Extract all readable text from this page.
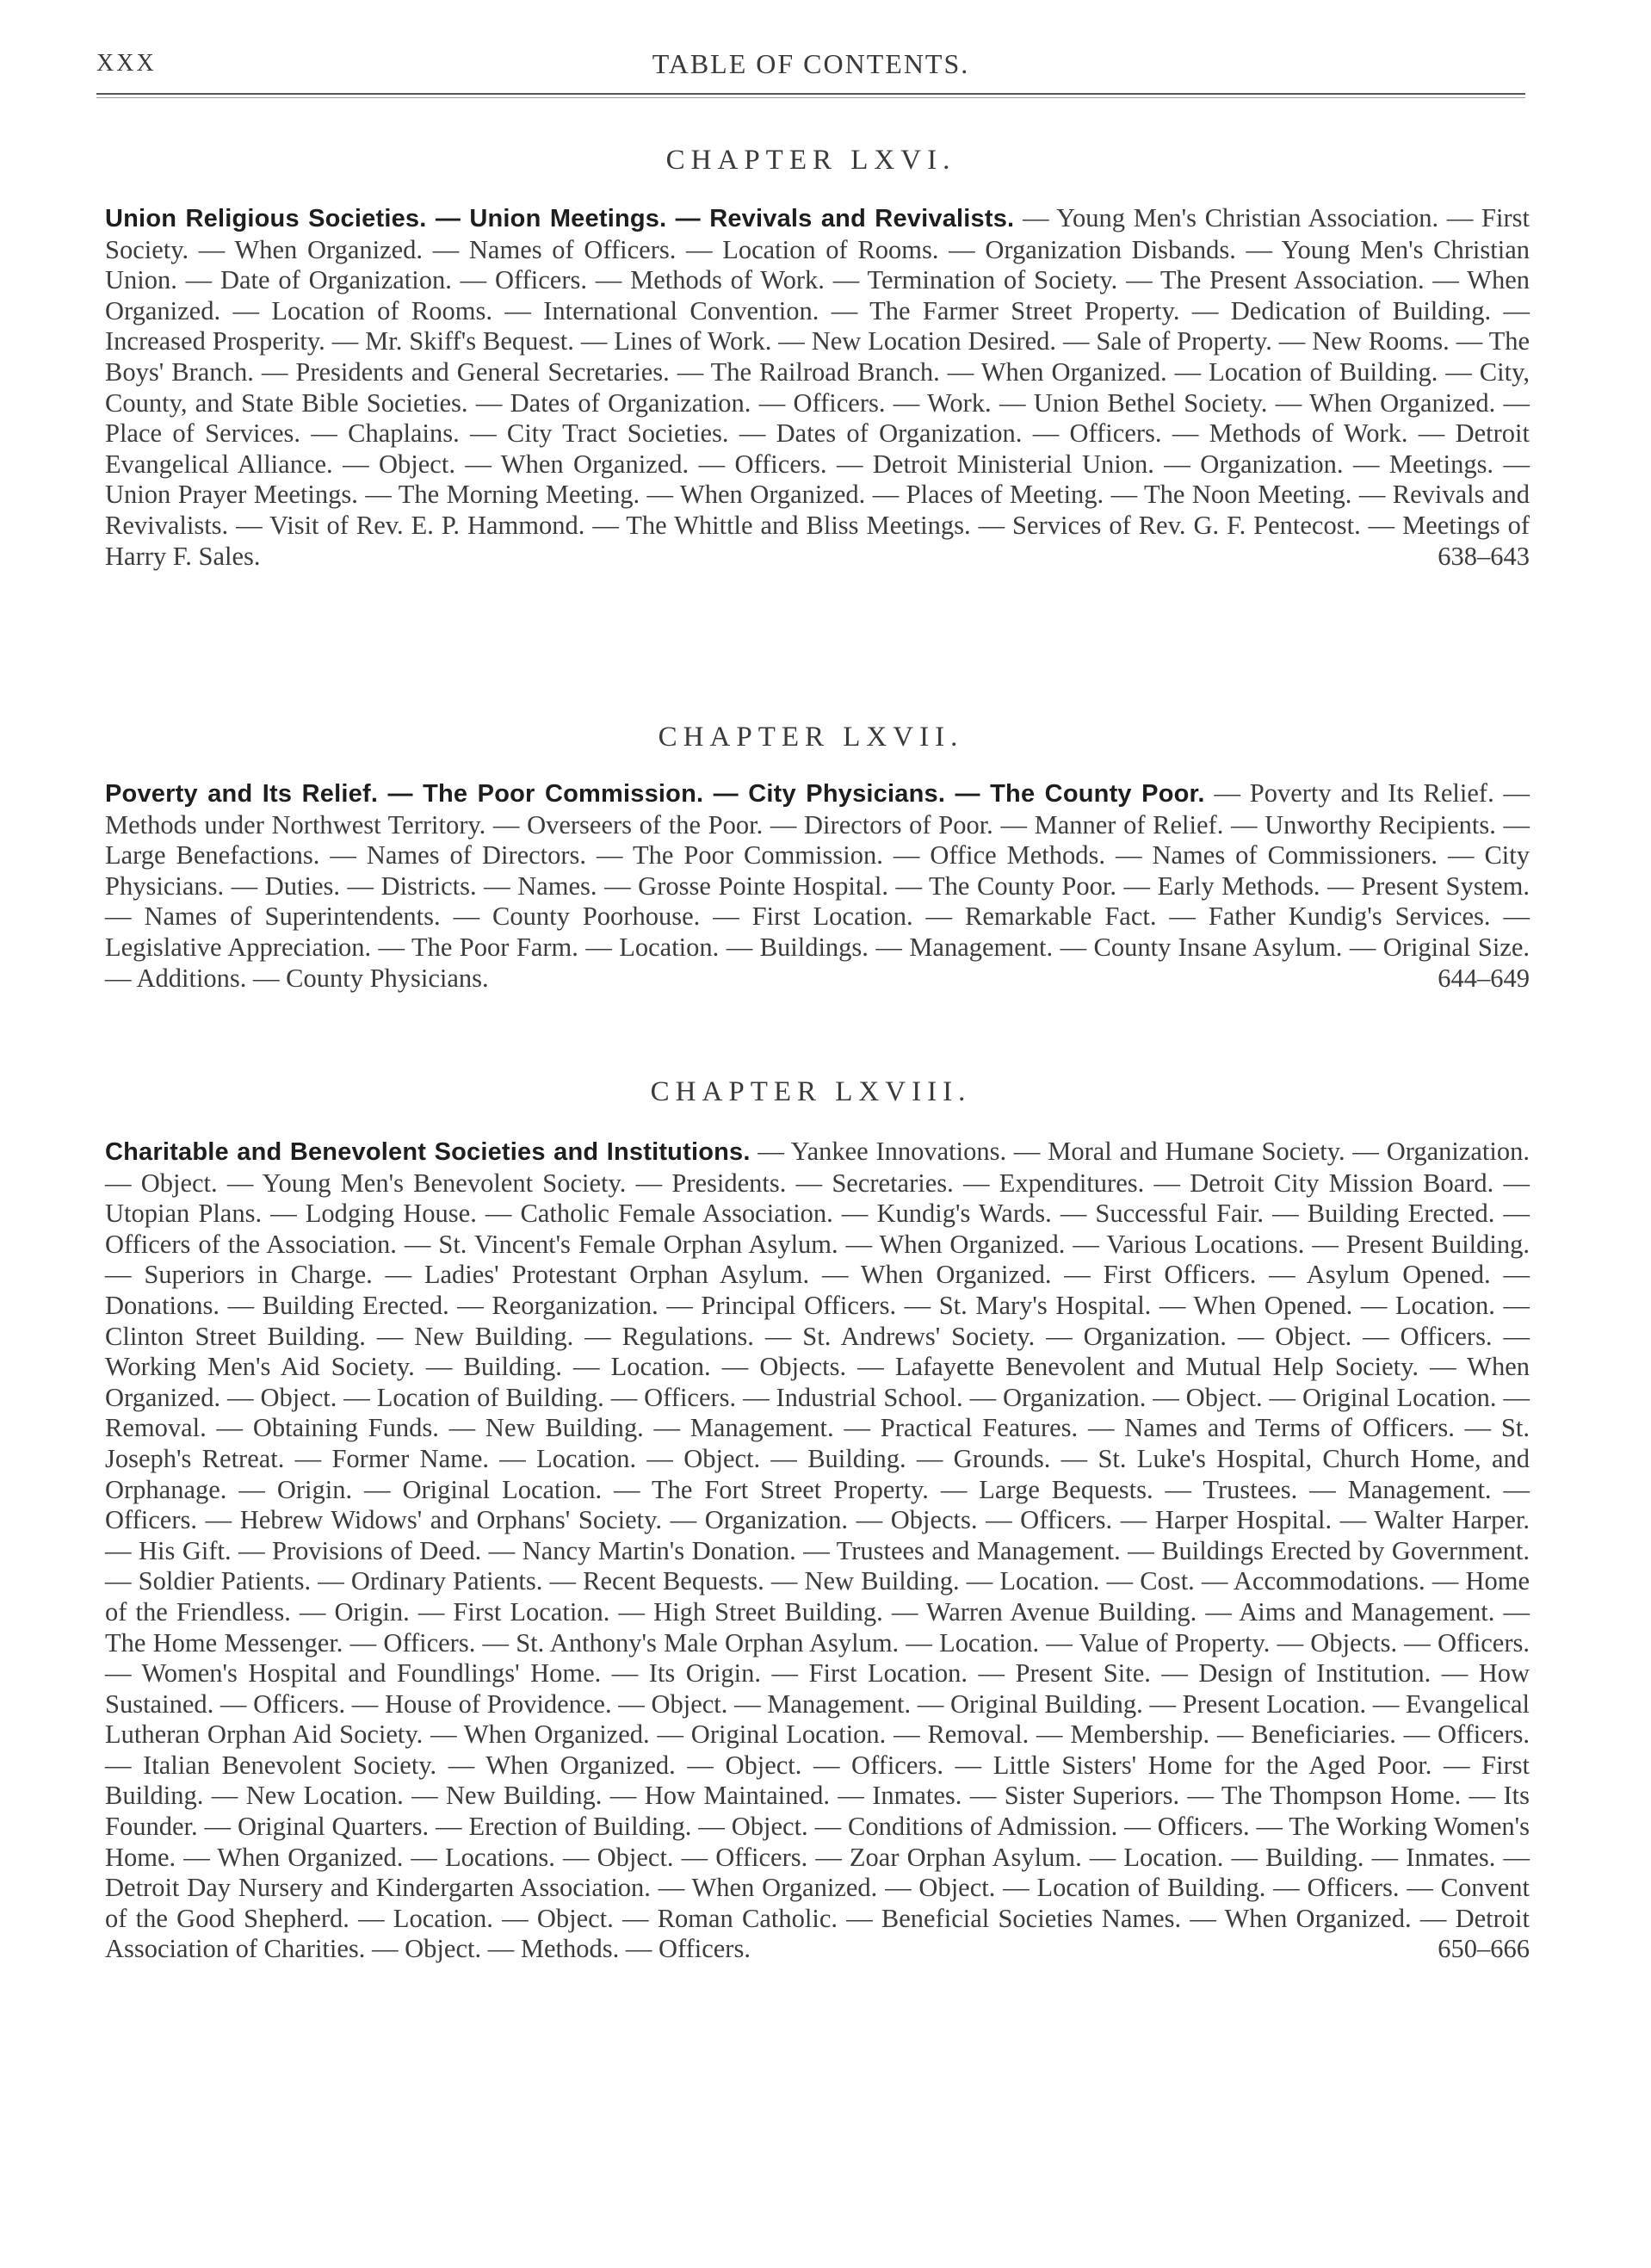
XXX	TABLE OF CONTENTS.
CHAPTER LXVI.
Union Religious Societies. — Union Meetings. — Revivals and Revivalists. — Young Men's Christian Association. — First Society. — When Organized. — Names of Officers. — Location of Rooms. — Organization Disbands. — Young Men's Christian Union. — Date of Organization. — Officers. — Methods of Work. — Termination of Society. — The Present Association. — When Organized. — Location of Rooms. — International Convention. — The Farmer Street Property. — Dedication of Building. — Increased Prosperity. — Mr. Skiff's Bequest. — Lines of Work. — New Location Desired. — Sale of Property. — New Rooms. — The Boys' Branch. — Presidents and General Secretaries. — The Railroad Branch. — When Organized. — Location of Building. — City, County, and State Bible Societies. — Dates of Organization. — Officers. — Work. — Union Bethel Society. — When Organized. — Place of Services. — Chaplains. — City Tract Societies. — Dates of Organization. — Officers. — Methods of Work. — Detroit Evangelical Alliance. — Object. — When Organized. — Officers. — Detroit Ministerial Union. — Organization. — Meetings. — Union Prayer Meetings. — The Morning Meeting. — When Organized. — Places of Meeting. — The Noon Meeting. — Revivals and Revivalists. — Visit of Rev. E. P. Hammond. — The Whittle and Bliss Meetings. — Services of Rev. G. F. Pentecost. — Meetings of Harry F. Sales.	638–643
CHAPTER LXVII.
Poverty and Its Relief. — The Poor Commission. — City Physicians. — The County Poor. — Poverty and Its Relief. — Methods under Northwest Territory. — Overseers of the Poor. — Directors of Poor. — Manner of Relief. — Unworthy Recipients. — Large Benefactions. — Names of Directors. — The Poor Commission. — Office Methods. — Names of Commissioners. — City Physicians. — Duties. — Districts. — Names. — Grosse Pointe Hospital. — The County Poor. — Early Methods. — Present System. — Names of Superintendents. — County Poorhouse. — First Location. — Remarkable Fact. — Father Kundig's Services. — Legislative Appreciation. — The Poor Farm. — Location. — Buildings. — Management. — County Insane Asylum. — Original Size. — Additions. — County Physicians.	644–649
CHAPTER LXVIII.
Charitable and Benevolent Societies and Institutions. — Yankee Innovations. — Moral and Humane Society. — Organization. — Object. — Young Men's Benevolent Society. — Presidents. — Secretaries. — Expenditures. — Detroit City Mission Board. — Utopian Plans. — Lodging House. — Catholic Female Association. — Kundig's Wards. — Successful Fair. — Building Erected. — Officers of the Association. — St. Vincent's Female Orphan Asylum. — When Organized. — Various Locations. — Present Building. — Superiors in Charge. — Ladies' Protestant Orphan Asylum. — When Organized. — First Officers. — Asylum Opened. — Donations. — Building Erected. — Reorganization. — Principal Officers. — St. Mary's Hospital. — When Opened. — Location. — Clinton Street Building. — New Building. — Regulations. — St. Andrews' Society. — Organization. — Object. — Officers. — Working Men's Aid Society. — Building. — Location. — Objects. — Lafayette Benevolent and Mutual Help Society. — When Organized. — Object. — Location of Building. — Officers. — Industrial School. — Organization. — Object. — Original Location. — Removal. — Obtaining Funds. — New Building. — Management. — Practical Features. — Names and Terms of Officers. — St. Joseph's Retreat. — Former Name. — Location. — Object. — Building. — Grounds. — St. Luke's Hospital, Church Home, and Orphanage. — Origin. — Original Location. — The Fort Street Property. — Large Bequests. — Trustees. — Management. — Officers. — Hebrew Widows' and Orphans' Society. — Organization. — Objects. — Officers. — Harper Hospital. — Walter Harper. — His Gift. — Provisions of Deed. — Nancy Martin's Donation. — Trustees and Management. — Buildings Erected by Government. — Soldier Patients. — Ordinary Patients. — Recent Bequests. — New Building. — Location. — Cost. — Accommodations. — Home of the Friendless. — Origin. — First Location. — High Street Building. — Warren Avenue Building. — Aims and Management. — The Home Messenger. — Officers. — St. Anthony's Male Orphan Asylum. — Location. — Value of Property. — Objects. — Officers. — Women's Hospital and Foundlings' Home. — Its Origin. — First Location. — Present Site. — Design of Institution. — How Sustained. — Officers. — House of Providence. — Object. — Management. — Original Building. — Present Location. — Evangelical Lutheran Orphan Aid Society. — When Organized. — Original Location. — Removal. — Membership. — Beneficiaries. — Officers. — Italian Benevolent Society. — When Organized. — Object. — Officers. — Little Sisters' Home for the Aged Poor. — First Building. — New Location. — New Building. — How Maintained. — Inmates. — Sister Superiors. — The Thompson Home. — Its Founder. — Original Quarters. — Erection of Building. — Object. — Conditions of Admission. — Officers. — The Working Women's Home. — When Organized. — Locations. — Object. — Officers. — Zoar Orphan Asylum. — Location. — Building. — Inmates. — Detroit Day Nursery and Kindergarten Association. — When Organized. — Object. — Location of Building. — Officers. — Convent of the Good Shepherd. — Location. — Object. — Roman Catholic. — Beneficial Societies Names. — When Organized. — Detroit Association of Charities. — Object. — Methods. — Officers.	650–666
